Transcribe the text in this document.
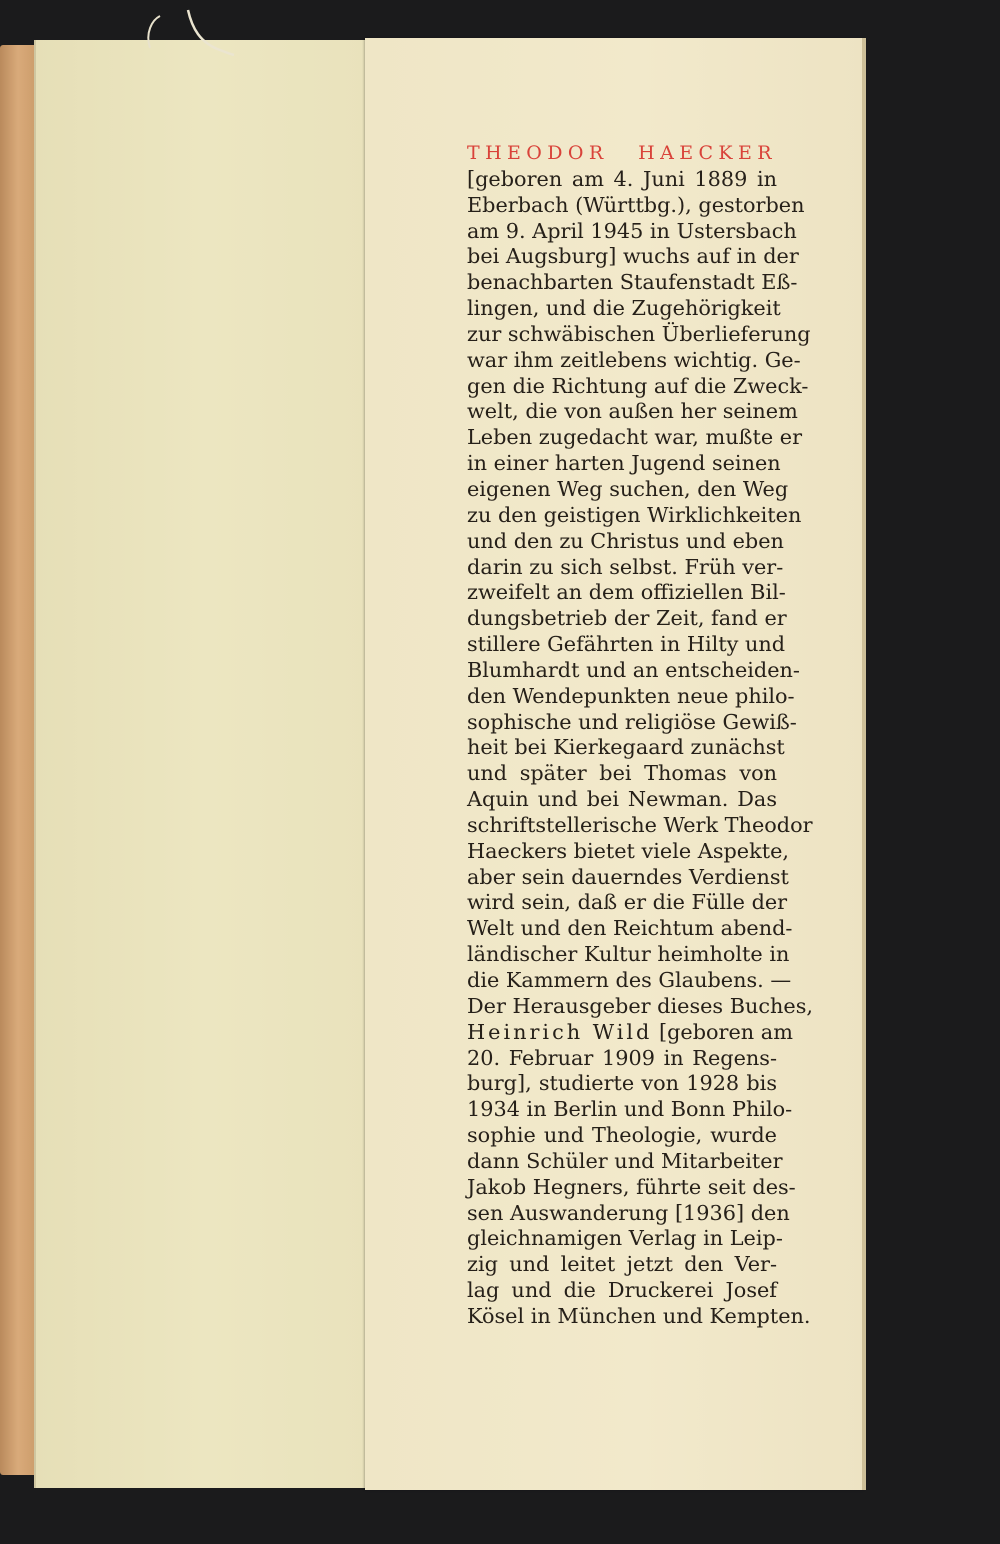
THEODOR HAECKER
[geboren am 4. Juni 1889 in
Eberbach (Württbg.), gestorben
am 9. April 1945 in Ustersbach
bei Augsburg] wuchs auf in der
benachbarten Staufenstadt Eß-
lingen, und die Zugehörigkeit
zur schwäbischen Überlieferung
war ihm zeitlebens wichtig. Ge-
gen die Richtung auf die Zweck-
welt, die von außen her seinem
Leben zugedacht war, mußte er
in einer harten Jugend seinen
eigenen Weg suchen, den Weg
zu den geistigen Wirklichkeiten
und den zu Christus und eben
darin zu sich selbst. Früh ver-
zweifelt an dem offiziellen Bil-
dungsbetrieb der Zeit, fand er
stillere Gefährten in Hilty und
Blumhardt und an entscheiden-
den Wendepunkten neue philo-
sophische und religiöse Gewiß-
heit bei Kierkegaard zunächst
und später bei Thomas von
Aquin und bei Newman. Das
schriftstellerische Werk Theodor
Haeckers bietet viele Aspekte,
aber sein dauerndes Verdienst
wird sein, daß er die Fülle der
Welt und den Reichtum abend-
ländischer Kultur heimholte in
die Kammern des Glaubens. —
Der Herausgeber dieses Buches,
Heinrich Wild [geboren am
20. Februar 1909 in Regens-
burg], studierte von 1928 bis
1934 in Berlin und Bonn Philo-
sophie und Theologie, wurde
dann Schüler und Mitarbeiter
Jakob Hegners, führte seit des-
sen Auswanderung [1936] den
gleichnamigen Verlag in Leip-
zig und leitet jetzt den Ver-
lag und die Druckerei Josef
Kösel in München und Kempten.
